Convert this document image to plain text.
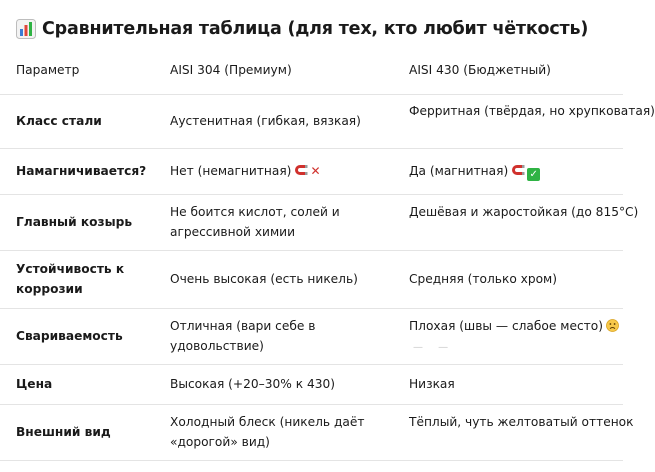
Сравнительная таблица (для тех, кто любит чёткость)
Параметр	AISI 304 (Премиум)	AISI 430 (Бюджетный)
Класс стали	Аустенитная (гибкая, вязкая)	Ферритная (твёрдая, но хрупковатая)
Намагничивается?	Нет (немагнитная) ✕	Да (магнитная) ✓
Главный козырь	Не боится кислот, солей и агрессивной химии	Дешёвая и жаростойкая (до 815°C)
Устойчивость к коррозии	Очень высокая (есть никель)	Средняя (только хром)
Свариваемость	Отличная (вари себе в удовольствие)	Плохая (швы — слабое место)
Цена	Высокая (+20–30% к 430)	Низкая
Внешний вид	Холодный блеск (никель даёт «дорогой» вид)	Тёплый, чуть желтоватый оттенок
— —
